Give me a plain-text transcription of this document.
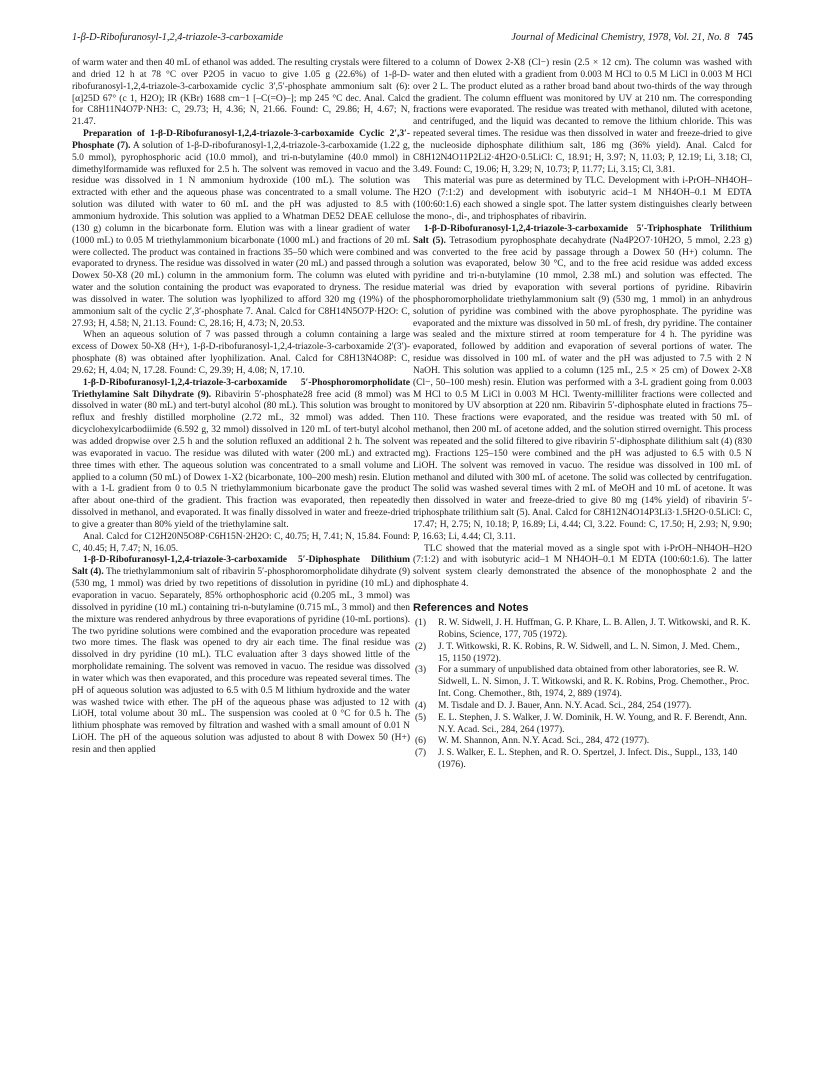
1-β-D-Ribofuranosyl-1,2,4-triazole-3-carboxamide	Journal of Medicinal Chemistry, 1978, Vol. 21, No. 8 745

of warm water and then 40 mL of ethanol was added. The resulting crystals were filtered and dried 12 h at 78 °C over P2O5 in vacuo to give 1.05 g (22.6%) of 1-β-D-ribofuranosyl-1,2,4-triazole-3-carboxamide cyclic 3′,5′-phosphate ammonium salt (6): [α]25D 67° (c 1, H2O); IR (KBr) 1688 cm−1 [–C(=O)–]; mp 245 °C dec. Anal. Calcd for C8H11N4O7P·NH3: C, 29.73; H, 4.36; N, 21.66. Found: C, 29.86; H, 4.67; N, 21.47.

Preparation of 1-β-D-Ribofuranosyl-1,2,4-triazole-3-carboxamide Cyclic 2′,3′-Phosphate (7). A solution of 1-β-D-ribofuranosyl-1,2,4-triazole-3-carboxamide (1.22 g, 5.0 mmol), pyrophosphoric acid (10.0 mmol), and tri-n-butylamine (40.0 mmol) in dimethylformamide was refluxed for 2.5 h. The solvent was removed in vacuo and the residue was dissolved in 1 N ammonium hydroxide (100 mL). The solution was extracted with ether and the aqueous phase was concentrated to a small volume. The solution was diluted with water to 60 mL and the pH was adjusted to 8.5 with ammonium hydroxide. This solution was applied to a Whatman DE52 DEAE cellulose (130 g) column in the bicarbonate form. Elution was with a linear gradient of water (1000 mL) to 0.05 M triethylammonium bicarbonate (1000 mL) and fractions of 20 mL were collected. The product was contained in fractions 35–50 which were combined and evaporated to dryness. The residue was dissolved in water (20 mL) and passed through a Dowex 50-X8 (20 mL) column in the ammonium form. The column was eluted with water and the solution containing the product was evaporated to dryness. The residue was dissolved in water. The solution was lyophilized to afford 320 mg (19%) of the ammonium salt of the cyclic 2′,3′-phosphate 7. Anal. Calcd for C8H14N5O7P·H2O: C, 27.93; H, 4.58; N, 21.13. Found: C, 28.16; H, 4.73; N, 20.53.

When an aqueous solution of 7 was passed through a column containing a large excess of Dowex 50-X8 (H+), 1-β-D-ribofuranosyl-1,2,4-triazole-3-carboxamide 2′(3′)-phosphate (8) was obtained after lyophilization. Anal. Calcd for C8H13N4O8P: C, 29.62; H, 4.04; N, 17.28. Found: C, 29.39; H, 4.08; N, 17.10.

1-β-D-Ribofuranosyl-1,2,4-triazole-3-carboxamide 5′-Phosphoromorpholidate Triethylamine Salt Dihydrate (9). Ribavirin 5′-phosphate28 free acid (8 mmol) was dissolved in water (80 mL) and tert-butyl alcohol (80 mL). This solution was brought to reflux and freshly distilled morpholine (2.72 mL, 32 mmol) was added. Then dicyclohexylcarbodiimide (6.592 g, 32 mmol) dissolved in 120 mL of tert-butyl alcohol was added dropwise over 2.5 h and the solution refluxed an additional 2 h. The solvent was evaporated in vacuo. The residue was diluted with water (200 mL) and extracted three times with ether. The aqueous solution was concentrated to a small volume and applied to a column (50 mL) of Dowex 1-X2 (bicarbonate, 100–200 mesh) resin. Elution with a 1-L gradient from 0 to 0.5 N triethylammonium bicarbonate gave the product after about one-third of the gradient. This fraction was evaporated, then repeatedly dissolved in methanol, and evaporated. It was finally dissolved in water and freeze-dried to give a greater than 80% yield of the triethylamine salt.

Anal. Calcd for C12H20N5O8P·C6H15N·2H2O: C, 40.75; H, 7.41; N, 15.84. Found: C, 40.45; H, 7.47; N, 16.05.

1-β-D-Ribofuranosyl-1,2,4-triazole-3-carboxamide 5′-Diphosphate Dilithium Salt (4). The triethylammonium salt of ribavirin 5′-phosphoromorpholidate dihydrate (9) (530 mg, 1 mmol) was dried by two repetitions of dissolution in pyridine (10 mL) and evaporation in vacuo. Separately, 85% orthophosphoric acid (0.205 mL, 3 mmol) was dissolved in pyridine (10 mL) containing tri-n-butylamine (0.715 mL, 3 mmol) and then the mixture was rendered anhydrous by three evaporations of pyridine (10-mL portions). The two pyridine solutions were combined and the evaporation procedure was repeated two more times. The flask was opened to dry air each time. The final residue was dissolved in dry pyridine (10 mL). TLC evaluation after 3 days showed little of the morpholidate remaining. The solvent was removed in vacuo. The residue was dissolved in water which was then evaporated, and this procedure was repeated several times. The pH of aqueous solution was adjusted to 6.5 with 0.5 M lithium hydroxide and the water was washed twice with ether. The pH of the aqueous phase was adjusted to 12 with LiOH, total volume about 30 mL. The suspension was cooled at 0 °C for 0.5 h. The lithium phosphate was removed by filtration and washed with a small amount of 0.01 N LiOH. The pH of the aqueous solution was adjusted to about 8 with Dowex 50 (H+) resin and then applied

to a column of Dowex 2-X8 (Cl−) resin (2.5 × 12 cm). The column was washed with water and then eluted with a gradient from 0.003 M HCl to 0.5 M LiCl in 0.003 M HCl over 2 L. The product eluted as a rather broad band about two-thirds of the way through the gradient. The column effluent was monitored by UV at 210 nm. The corresponding fractions were evaporated. The residue was treated with methanol, diluted with acetone, and centrifuged, and the liquid was decanted to remove the lithium chloride. This was repeated several times. The residue was then dissolved in water and freeze-dried to give the nucleoside diphosphate dilithium salt, 186 mg (36% yield). Anal. Calcd for C8H12N4O11P2Li2·4H2O·0.5LiCl: C, 18.91; H, 3.97; N, 11.03; P, 12.19; Li, 3.18; Cl, 3.49. Found: C, 19.06; H, 3.29; N, 10.73; P, 11.77; Li, 3.15; Cl, 3.81.

This material was pure as determined by TLC. Development with i-PrOH–NH4OH–H2O (7:1:2) and development with isobutyric acid–1 M NH4OH–0.1 M EDTA (100:60:1.6) each showed a single spot. The latter system distinguishes clearly between the mono-, di-, and triphosphates of ribavirin.

1-β-D-Ribofuranosyl-1,2,4-triazole-3-carboxamide 5′-Triphosphate Trilithium Salt (5). Tetrasodium pyrophosphate decahydrate (Na4P2O7·10H2O, 5 mmol, 2.23 g) was converted to the free acid by passage through a Dowex 50 (H+) column. The solution was evaporated, below 30 °C, and to the free acid residue was added excess pyridine and tri-n-butylamine (10 mmol, 2.38 mL) and solution was effected. The material was dried by evaporation with several portions of pyridine. Ribavirin phosphoromorpholidate triethylammonium salt (9) (530 mg, 1 mmol) in an anhydrous solution of pyridine was combined with the above pyrophosphate. The pyridine was evaporated and the mixture was dissolved in 50 mL of fresh, dry pyridine. The container was sealed and the mixture stirred at room temperature for 4 h. The pyridine was evaporated, followed by addition and evaporation of several portions of water. The residue was dissolved in 100 mL of water and the pH was adjusted to 7.5 with 2 N NaOH. This solution was applied to a column (125 mL, 2.5 × 25 cm) of Dowex 2-X8 (Cl−, 50–100 mesh) resin. Elution was performed with a 3-L gradient going from 0.003 M HCl to 0.5 M LiCl in 0.003 M HCl. Twenty-milliliter fractions were collected and monitored by UV absorption at 220 nm. Ribavirin 5′-diphosphate eluted in fractions 75–110. These fractions were evaporated, and the residue was treated with 50 mL of methanol, then 200 mL of acetone added, and the solution stirred overnight. This process was repeated and the solid filtered to give ribavirin 5′-diphosphate dilithium salt (4) (830 mg). Fractions 125–150 were combined and the pH was adjusted to 6.5 with 0.5 N LiOH. The solvent was removed in vacuo. The residue was dissolved in 100 mL of methanol and diluted with 300 mL of acetone. The solid was collected by centrifugation. The solid was washed several times with 2 mL of MeOH and 10 mL of acetone. It was then dissolved in water and freeze-dried to give 80 mg (14% yield) of ribavirin 5′-triphosphate trilithium salt (5). Anal. Calcd for C8H12N4O14P3Li3·1.5H2O·0.5LiCl: C, 17.47; H, 2.75; N, 10.18; P, 16.89; Li, 4.44; Cl, 3.22. Found: C, 17.50; H, 2.93; N, 9.90; P, 16.63; Li, 4.44; Cl, 3.11.

TLC showed that the material moved as a single spot with i-PrOH–NH4OH–H2O (7:1:2) and with isobutyric acid–1 M NH4OH–0.1 M EDTA (100:60:1.6). The latter solvent system clearly demonstrated the absence of the monophosphate 2 and the diphosphate 4.

References and Notes
(1) R. W. Sidwell, J. H. Huffman, G. P. Khare, L. B. Allen, J. T. Witkowski, and R. K. Robins, Science, 177, 705 (1972).
(2) J. T. Witkowski, R. K. Robins, R. W. Sidwell, and L. N. Simon, J. Med. Chem., 15, 1150 (1972).
(3) For a summary of unpublished data obtained from other laboratories, see R. W. Sidwell, L. N. Simon, J. T. Witkowski, and R. K. Robins, Prog. Chemother., Proc. Int. Cong. Chemother., 8th, 1974, 2, 889 (1974).
(4) M. Tisdale and D. J. Bauer, Ann. N.Y. Acad. Sci., 284, 254 (1977).
(5) E. L. Stephen, J. S. Walker, J. W. Dominik, H. W. Young, and R. F. Berendt, Ann. N.Y. Acad. Sci., 284, 264 (1977).
(6) W. M. Shannon, Ann. N.Y. Acad. Sci., 284, 472 (1977).
(7) J. S. Walker, E. L. Stephen, and R. O. Spertzel, J. Infect. Dis., Suppl., 133, 140 (1976).
